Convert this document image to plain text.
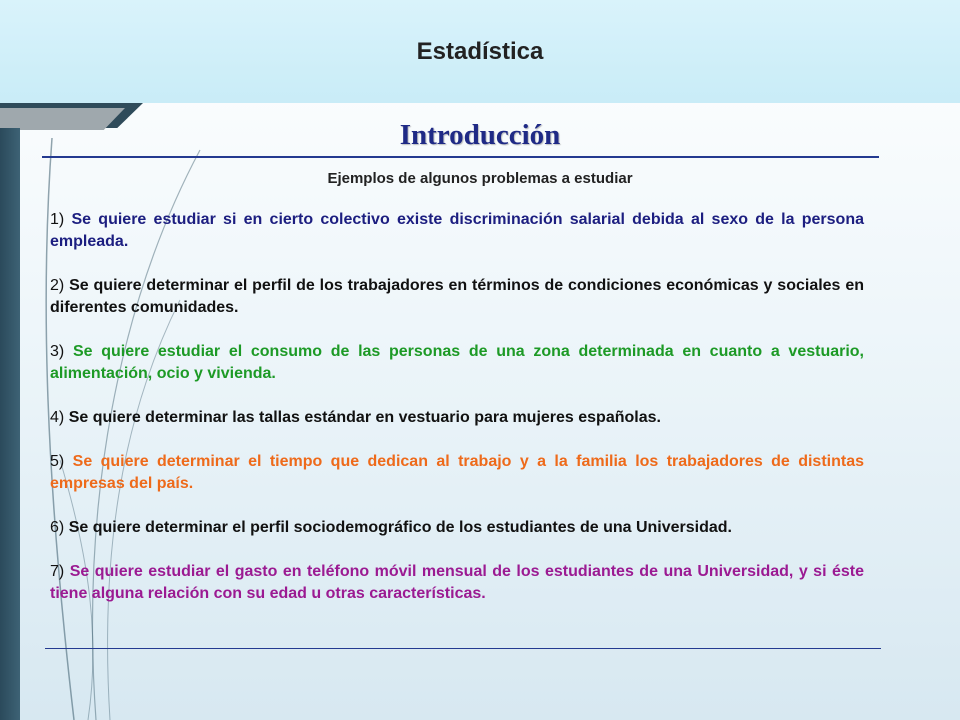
Estadística
Introducción
Ejemplos de algunos problemas a estudiar

1) Se quiere estudiar si en cierto colectivo existe discriminación salarial debida al sexo de la persona empleada.

2) Se quiere determinar el perfil de los trabajadores en términos de condiciones económicas y sociales en diferentes comunidades.

3) Se quiere estudiar el consumo de las personas de una zona determinada en cuanto a vestuario, alimentación, ocio y vivienda.

4) Se quiere determinar las tallas estándar en vestuario para mujeres españolas.

5) Se quiere determinar el tiempo que dedican al trabajo y a la familia los trabajadores de distintas empresas del país.

6) Se quiere determinar el perfil sociodemográfico de los estudiantes de una Universidad.

7) Se quiere estudiar el gasto en teléfono móvil mensual de los estudiantes de una Universidad, y si éste tiene alguna relación con su edad u otras características.
